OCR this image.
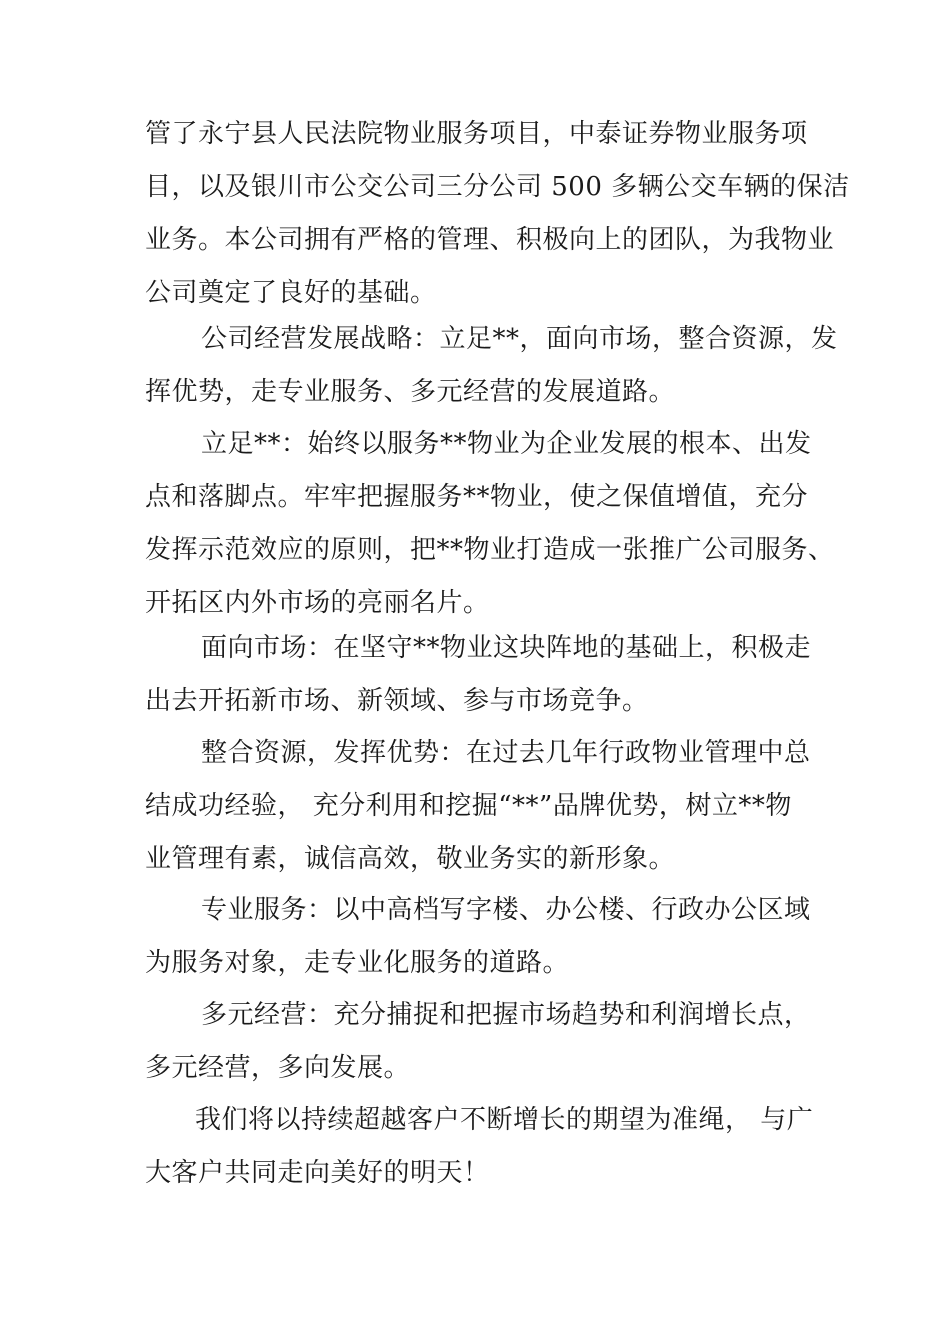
管了永宁县人民法院物业服务项目，中泰证券物业服务项
目，以及银川市公交公司三分公司 500 多辆公交车辆的保洁
业务。本公司拥有严格的管理、积极向上的团队，为我物业
公司奠定了良好的基础。
公司经营发展战略：立足**，面向市场，整合资源，发
挥优势，走专业服务、多元经营的发展道路。
立足**：始终以服务**物业为企业发展的根本、出发
点和落脚点。牢牢把握服务**物业，使之保值增值，充分
发挥示范效应的原则，把**物业打造成一张推广公司服务、
开拓区内外市场的亮丽名片。
面向市场：在坚守**物业这块阵地的基础上，积极走
出去开拓新市场、新领域、参与市场竞争。
整合资源，发挥优势：在过去几年行政物业管理中总
结成功经验， 充分利用和挖掘“**”品牌优势，树立**物
业管理有素，诚信高效，敬业务实的新形象。
专业服务：以中高档写字楼、办公楼、行政办公区域
为服务对象，走专业化服务的道路。
多元经营：充分捕捉和把握市场趋势和利润增长点，
多元经营，多向发展。
我们将以持续超越客户不断增长的期望为准绳， 与广
大客户共同走向美好的明天！
